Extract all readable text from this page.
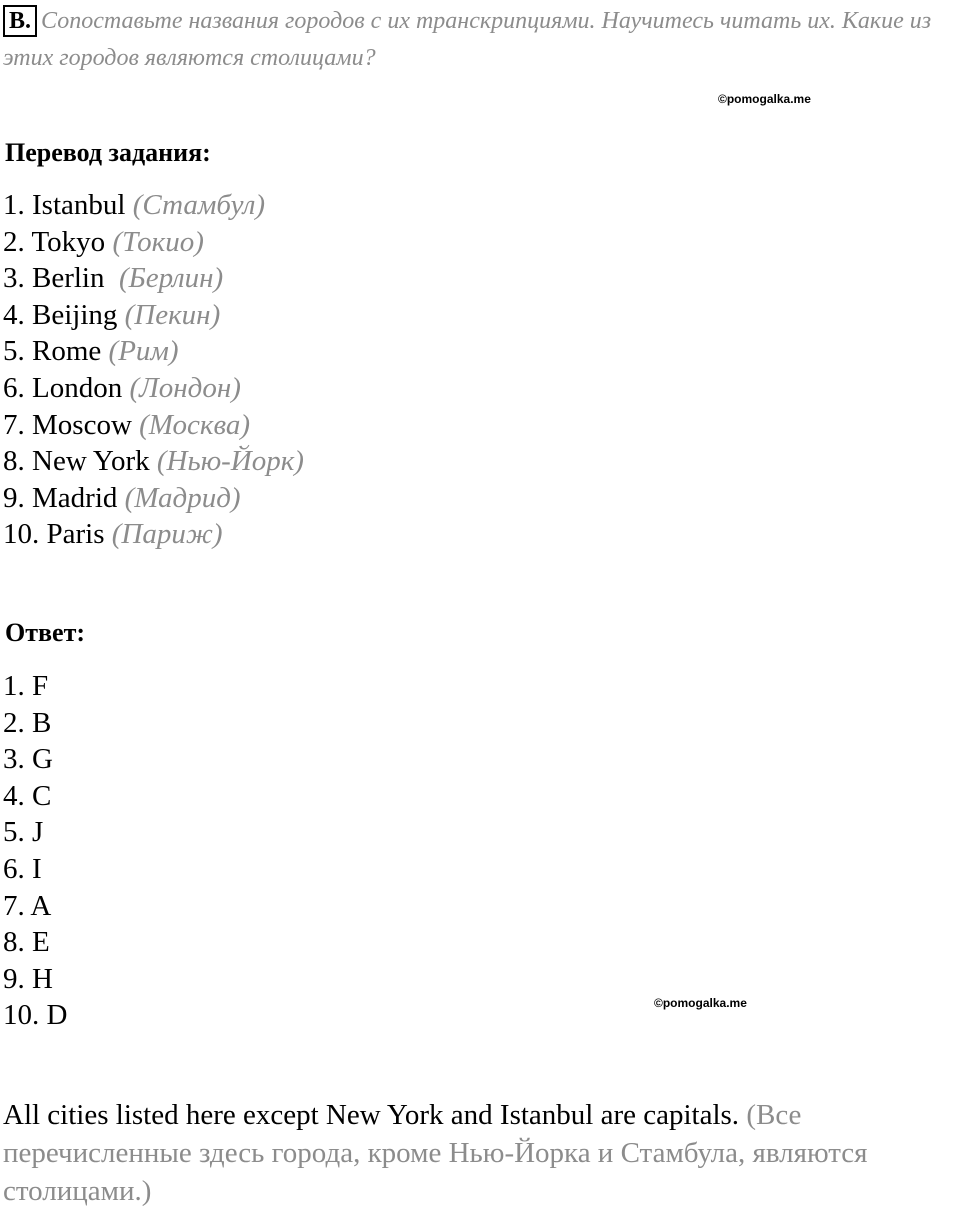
B. Сопоставьте названия городов с их транскрипциями. Научитесь читать их. Какие из этих городов являются столицами?
©pomogalka.me
Перевод задания:
1. Istanbul (Стамбул)
2. Tokyo (Токио)
3. Berlin  (Берлин)
4. Beijing (Пекин)
5. Rome (Рим)
6. London (Лондон)
7. Moscow (Москва)
8. New York (Нью-Йорк)
9. Madrid (Мадрид)
10. Paris (Париж)
Ответ:
1. F
2. B
3. G
4. C
5. J
6. I
7. A
8. E
9. H
10. D	©pomogalka.me
All cities listed here except New York and Istanbul are capitals. (Все перечисленные здесь города, кроме Нью-Йорка и Стамбула, являются столицами.)
